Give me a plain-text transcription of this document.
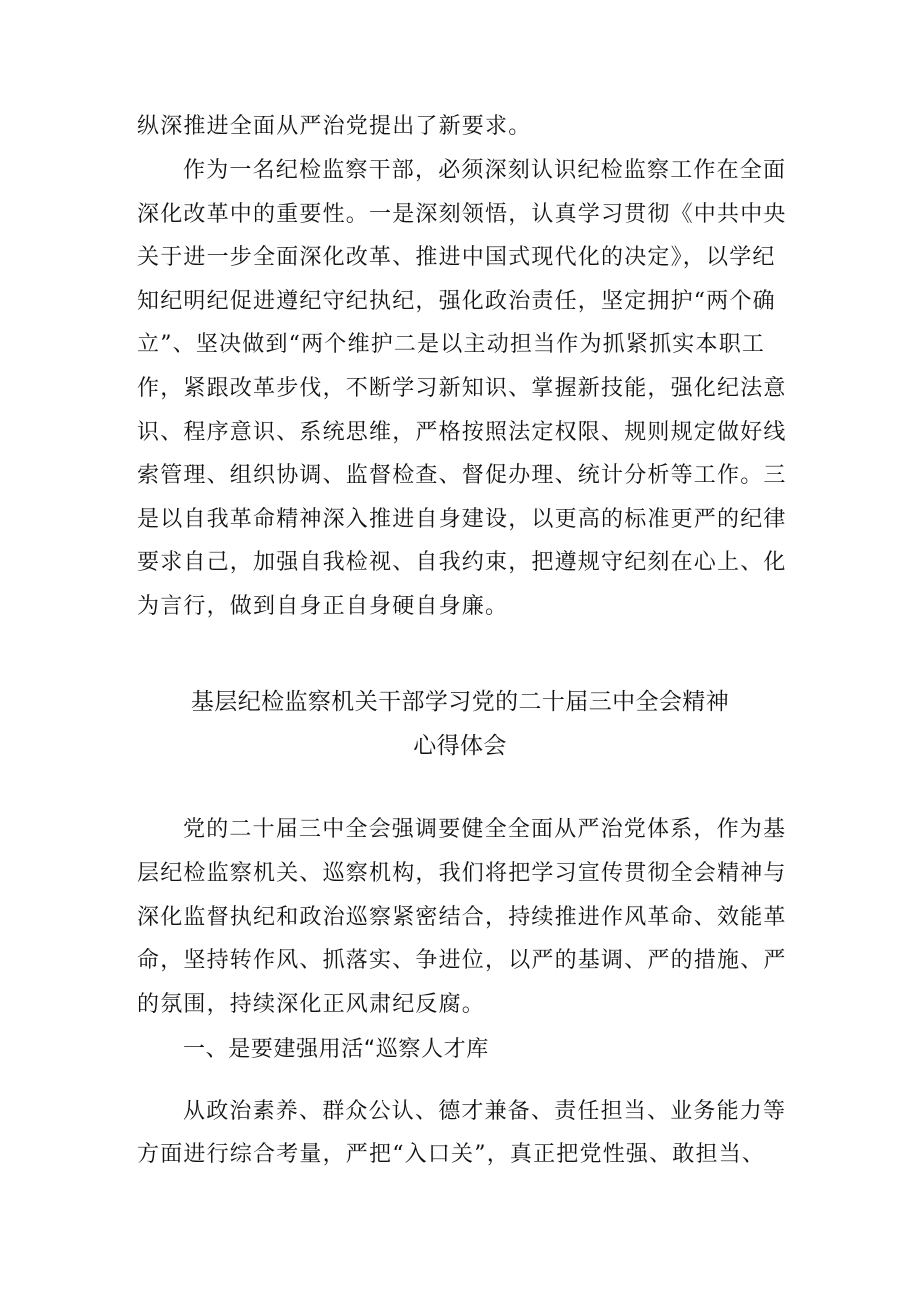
纵深推进全面从严治党提出了新要求。
作为一名纪检监察干部，必须深刻认识纪检监察工作在全面
深化改革中的重要性。一是深刻领悟，认真学习贯彻《中共中央
关于进一步全面深化改革、推进中国式现代化的决定》，以学纪
知纪明纪促进遵纪守纪执纪，强化政治责任，坚定拥护“两个确
立”、坚决做到“两个维护二是以主动担当作为抓紧抓实本职工
作，紧跟改革步伐，不断学习新知识、掌握新技能，强化纪法意
识、程序意识、系统思维，严格按照法定权限、规则规定做好线
索管理、组织协调、监督检查、督促办理、统计分析等工作。三
是以自我革命精神深入推进自身建设，以更高的标准更严的纪律
要求自己，加强自我检视、自我约束，把遵规守纪刻在心上、化
为言行，做到自身正自身硬自身廉。
基层纪检监察机关干部学习党的二十届三中全会精神
心得体会
党的二十届三中全会强调要健全全面从严治党体系，作为基
层纪检监察机关、巡察机构，我们将把学习宣传贯彻全会精神与
深化监督执纪和政治巡察紧密结合，持续推进作风革命、效能革
命，坚持转作风、抓落实、争进位，以严的基调、严的措施、严
的氛围，持续深化正风肃纪反腐。
一、是要建强用活“巡察人才库
从政治素养、群众公认、德才兼备、责任担当、业务能力等
方面进行综合考量，严把“入口关”，真正把党性强、敢担当、
